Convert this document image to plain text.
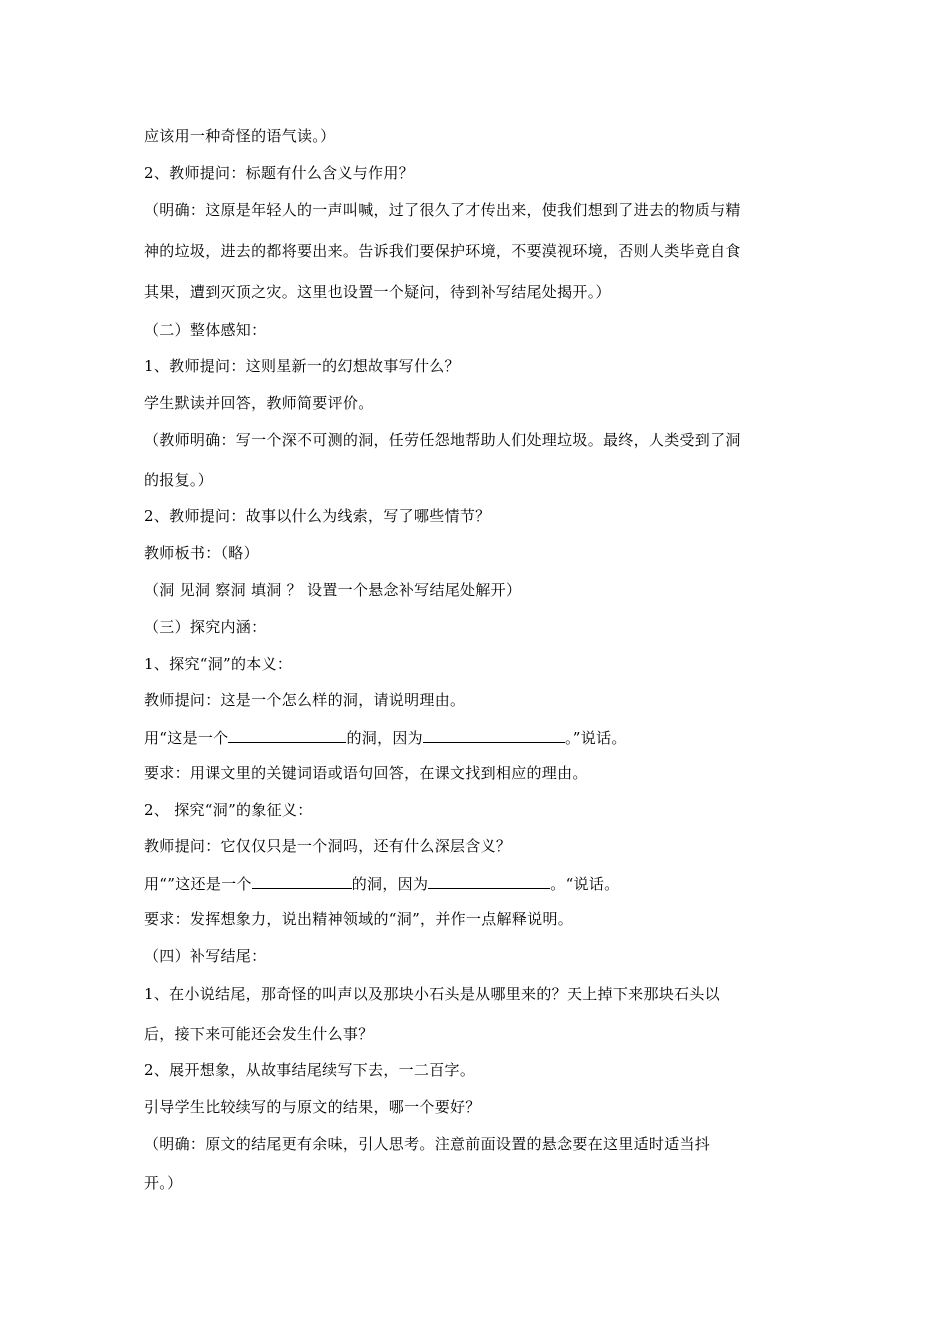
应该用一种奇怪的语气读。）
2、教师提问：标题有什么含义与作用？
（明确：这原是年轻人的一声叫喊，过了很久了才传出来，使我们想到了进去的物质与精
神的垃圾，进去的都将要出来。告诉我们要保护环境，不要漠视环境，否则人类毕竟自食
其果，遭到灭顶之灾。这里也设置一个疑问，待到补写结尾处揭开。）
（二）整体感知：
1、教师提问：这则星新一的幻想故事写什么？
学生默读并回答，教师简要评价。
（教师明确：写一个深不可测的洞，任劳任怨地帮助人们处理垃圾。最终，人类受到了洞
的报复。）
2、教师提问：故事以什么为线索，写了哪些情节？
教师板书：（略）
（洞 见洞 察洞 填洞 ？ 设置一个悬念补写结尾处解开）
（三）探究内涵：
1、探究“洞”的本义：
教师提问：这是一个怎么样的洞，请说明理由。
用“这是一个	的洞，因为	。”说话。
要求：用课文里的关键词语或语句回答，在课文找到相应的理由。
2、 探究“洞”的象征义：
教师提问：它仅仅只是一个洞吗，还有什么深层含义？
用“”这还是一个	的洞，因为	。“说话。
要求：发挥想象力，说出精神领域的“洞”，并作一点解释说明。
（四）补写结尾：
1、在小说结尾，那奇怪的叫声以及那块小石头是从哪里来的？天上掉下来那块石头以
后，接下来可能还会发生什么事？
2、展开想象，从故事结尾续写下去，一二百字。
引导学生比较续写的与原文的结果，哪一个要好？
（明确：原文的结尾更有余味，引人思考。注意前面设置的悬念要在这里适时适当抖
开。）
